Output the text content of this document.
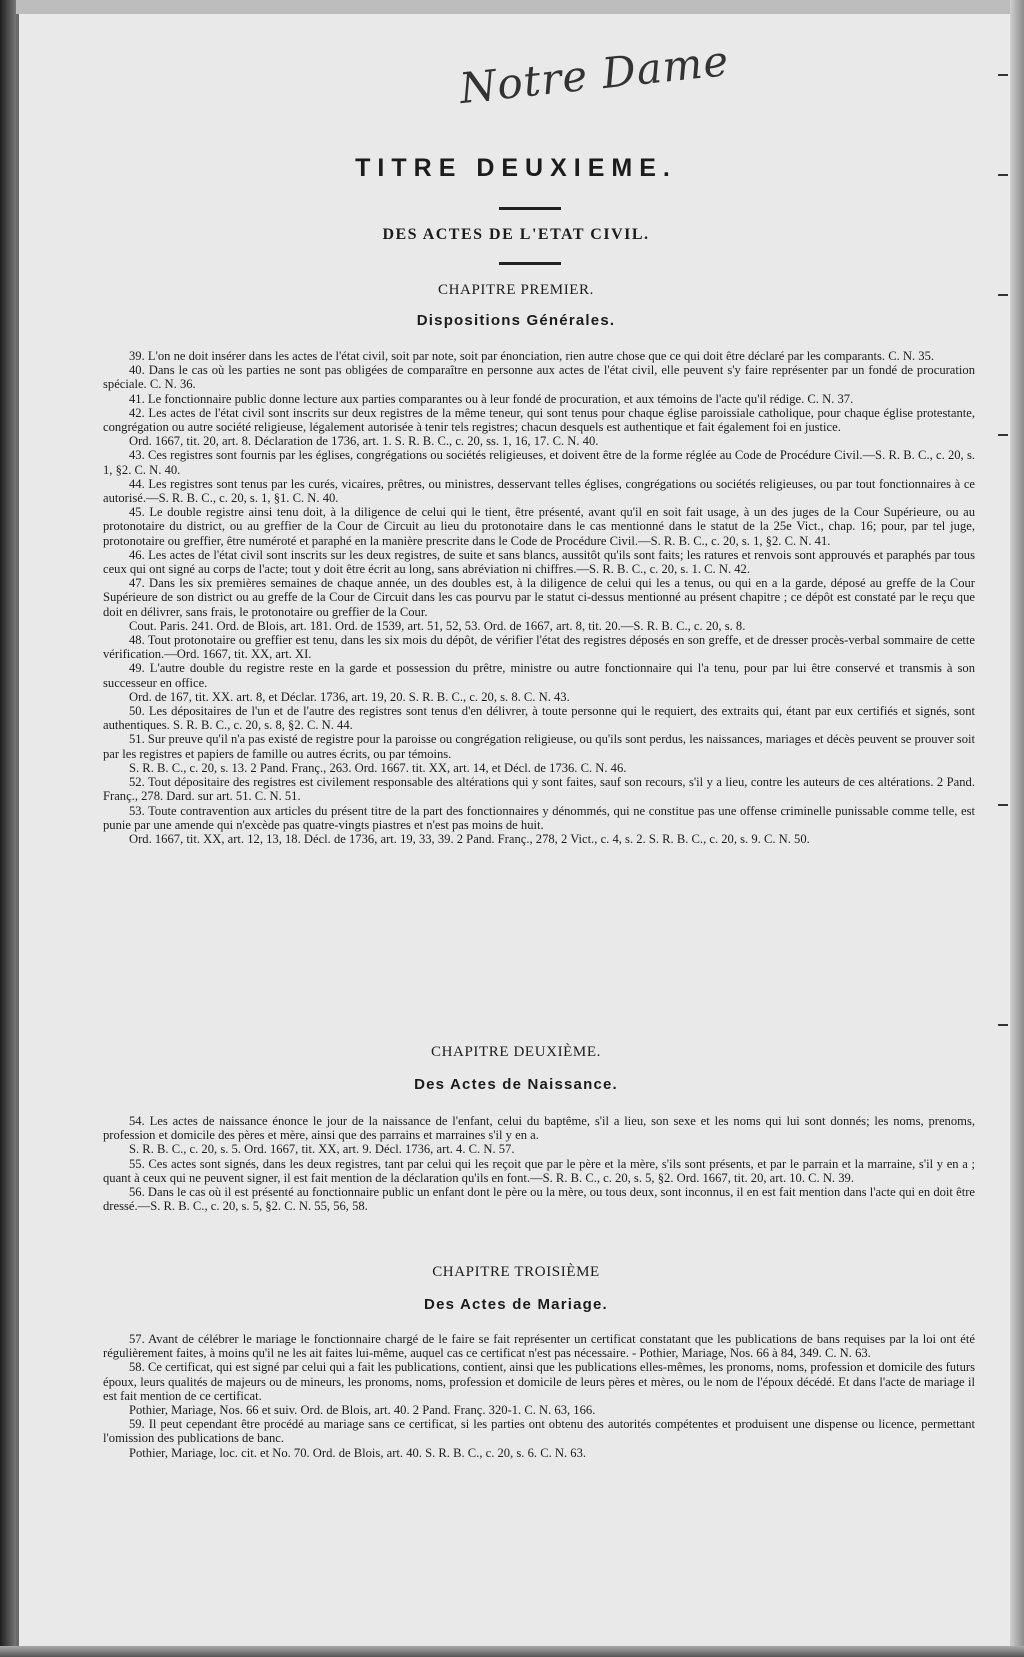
Notre Dame
TITRE DEUXIEME.
DES ACTES DE L'ETAT CIVIL.
CHAPITRE PREMIER.
Dispositions Générales.

39. L'on ne doit insérer dans les actes de l'état civil, soit par note, soit par énonciation, rien autre chose que ce qui doit être déclaré par les comparants. C. N. 35.

40. Dans le cas où les parties ne sont pas obligées de comparaître en personne aux actes de l'état civil, elle peuvent s'y faire représenter par un fondé de procuration spéciale. C. N. 36.

41. Le fonctionnaire public donne lecture aux parties comparantes ou à leur fondé de procuration, et aux témoins de l'acte qu'il rédige. C. N. 37.

42. Les actes de l'état civil sont inscrits sur deux registres de la même teneur, qui sont tenus pour chaque église paroissiale catholique, pour chaque église protestante, congrégation ou autre société religieuse, légalement autorisée à tenir tels registres; chacun desquels est authentique et fait également foi en justice.

Ord. 1667, tit. 20, art. 8. Déclaration de 1736, art. 1. S. R. B. C., c. 20, ss. 1, 16, 17. C. N. 40.

43. Ces registres sont fournis par les églises, congrégations ou sociétés religieuses, et doivent être de la forme réglée au Code de Procédure Civil.—S. R. B. C., c. 20, s. 1, §2. C. N. 40.

44. Les registres sont tenus par les curés, vicaires, prêtres, ou ministres, desservant telles églises, congrégations ou sociétés religieuses, ou par tout fonctionnaires à ce autorisé.—S. R. B. C., c. 20, s. 1, §1. C. N. 40.

45. Le double registre ainsi tenu doit, à la diligence de celui qui le tient, être présenté, avant qu'il en soit fait usage, à un des juges de la Cour Supérieure, ou au protonotaire du district, ou au greffier de la Cour de Circuit au lieu du protonotaire dans le cas mentionné dans le statut de la 25e Vict., chap. 16; pour, par tel juge, protonotaire ou greffier, être numéroté et paraphé en la manière prescrite dans le Code de Procédure Civil.—S. R. B. C., c. 20, s. 1, §2. C. N. 41.

46. Les actes de l'état civil sont inscrits sur les deux registres, de suite et sans blancs, aussitôt qu'ils sont faits; les ratures et renvois sont approuvés et paraphés par tous ceux qui ont signé au corps de l'acte; tout y doit être écrit au long, sans abréviation ni chiffres.—S. R. B. C., c. 20, s. 1. C. N. 42.

47. Dans les six premières semaines de chaque année, un des doubles est, à la diligence de celui qui les a tenus, ou qui en a la garde, déposé au greffe de la Cour Supérieure de son district ou au greffe de la Cour de Circuit dans les cas pourvu par le statut ci-dessus mentionné au présent chapitre ; ce dépôt est constaté par le reçu que doit en délivrer, sans frais, le protonotaire ou greffier de la Cour.

Cout. Paris. 241. Ord. de Blois, art. 181. Ord. de 1539, art. 51, 52, 53. Ord. de 1667, art. 8, tit. 20.—S. R. B. C., c. 20, s. 8.

48. Tout protonotaire ou greffier est tenu, dans les six mois du dépôt, de vérifier l'état des registres déposés en son greffe, et de dresser procès-verbal sommaire de cette vérification.—Ord. 1667, tit. XX, art. XI.

49. L'autre double du registre reste en la garde et possession du prêtre, ministre ou autre fonctionnaire qui l'a tenu, pour par lui être conservé et transmis à son successeur en office.

Ord. de 167, tit. XX. art. 8, et Déclar. 1736, art. 19, 20. S. R. B. C., c. 20, s. 8. C. N. 43.

50. Les dépositaires de l'un et de l'autre des registres sont tenus d'en délivrer, à toute personne qui le requiert, des extraits qui, étant par eux certifiés et signés, sont authentiques. S. R. B. C., c. 20, s. 8, §2. C. N. 44.

51. Sur preuve qu'il n'a pas existé de registre pour la paroisse ou congrégation religieuse, ou qu'ils sont perdus, les naissances, mariages et décès peuvent se prouver soit par les registres et papiers de famille ou autres écrits, ou par témoins.

S. R. B. C., c. 20, s. 13. 2 Pand. Franç., 263. Ord. 1667. tit. XX, art. 14, et Décl. de 1736. C. N. 46.

52. Tout dépositaire des registres est civilement responsable des altérations qui y sont faites, sauf son recours, s'il y a lieu, contre les auteurs de ces altérations. 2 Pand. Franç., 278. Dard. sur art. 51. C. N. 51.

53. Toute contravention aux articles du présent titre de la part des fonctionnaires y dénommés, qui ne constitue pas une offense criminelle punissable comme telle, est punie par une amende qui n'excède pas quatre-vingts piastres et n'est pas moins de huit.

Ord. 1667, tit. XX, art. 12, 13, 18. Décl. de 1736, art. 19, 33, 39. 2 Pand. Franç., 278, 2 Vict., c. 4, s. 2. S. R. B. C., c. 20, s. 9. C. N. 50.

CHAPITRE DEUXIÈME.
Des Actes de Naissance.

54. Les actes de naissance énonce le jour de la naissance de l'enfant, celui du baptême, s'il a lieu, son sexe et les noms qui lui sont donnés; les noms, prenoms, profession et domicile des pères et mère, ainsi que des parrains et marraines s'il y en a.

S. R. B. C., c. 20, s. 5. Ord. 1667, tit. XX, art. 9. Décl. 1736, art. 4. C. N. 57.

55. Ces actes sont signés, dans les deux registres, tant par celui qui les reçoit que par le père et la mère, s'ils sont présents, et par le parrain et la marraine, s'il y en a ; quant à ceux qui ne peuvent signer, il est fait mention de la déclaration qu'ils en font.—S. R. B. C., c. 20, s. 5, §2. Ord. 1667, tit. 20, art. 10. C. N. 39.

56. Dans le cas où il est présenté au fonctionnaire public un enfant dont le père ou la mère, ou tous deux, sont inconnus, il en est fait mention dans l'acte qui en doit être dressé.—S. R. B. C., c. 20, s. 5, §2. C. N. 55, 56, 58.

CHAPITRE TROISIÈME
Des Actes de Mariage.

57. Avant de célébrer le mariage le fonctionnaire chargé de le faire se fait représenter un certificat constatant que les publications de bans requises par la loi ont été régulièrement faites, à moins qu'il ne les ait faites lui-même, auquel cas ce certificat n'est pas nécessaire. - Pothier, Mariage, Nos. 66 à 84, 349. C. N. 63.

58. Ce certificat, qui est signé par celui qui a fait les publications, contient, ainsi que les publications elles-mêmes, les pronoms, noms, profession et domicile des futurs époux, leurs qualités de majeurs ou de mineurs, les pronoms, noms, profession et domicile de leurs pères et mères, ou le nom de l'époux décédé. Et dans l'acte de mariage il est fait mention de ce certificat.

Pothier, Mariage, Nos. 66 et suiv. Ord. de Blois, art. 40. 2 Pand. Franç. 320-1. C. N. 63, 166.

59. Il peut cependant être procédé au mariage sans ce certificat, si les parties ont obtenu des autorités compétentes et produisent une dispense ou licence, permettant l'omission des publications de banc.

Pothier, Mariage, loc. cit. et No. 70. Ord. de Blois, art. 40. S. R. B. C., c. 20, s. 6. C. N. 63.
